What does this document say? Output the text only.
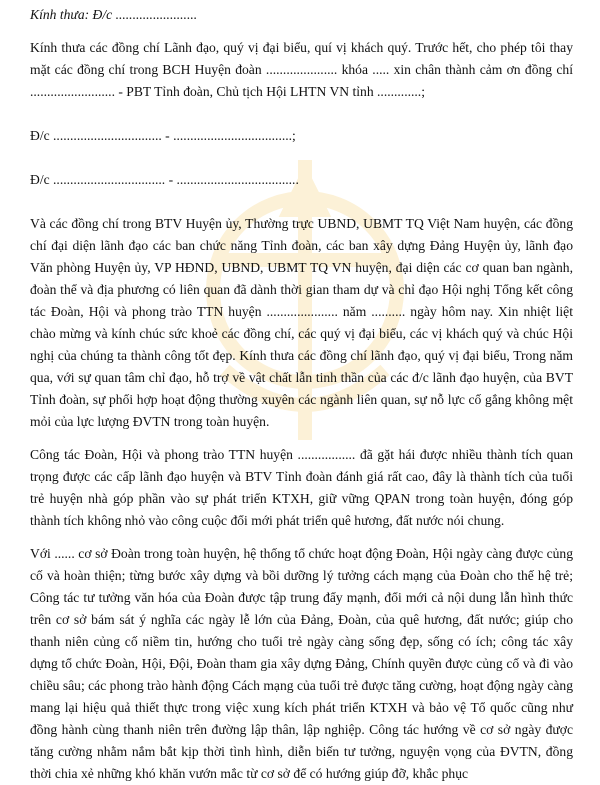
Kính thưa: Đ/c ........................

Kính thưa các đồng chí Lãnh đạo, quý vị đại biểu, quí vị khách quý. Trước hết, cho phép tôi thay mặt các đồng chí trong BCH Huyện đoàn ..................... khóa ..... xin chân thành cảm ơn đồng chí ......................... - PBT Tỉnh đoàn, Chủ tịch Hội LHTN VN tỉnh .............;

Đ/c ................................ - ...................................;

Đ/c ................................. - ....................................

Và các đồng chí trong BTV Huyện ủy, Thường trực UBND, UBMT TQ Việt Nam huyện, các đồng chí đại diện lãnh đạo các ban chức năng Tỉnh đoàn, các ban xây dựng Đảng Huyện ủy, lãnh đạo Văn phòng Huyện ủy, VP HĐND, UBND, UBMT TQ VN huyện, đại diện các cơ quan ban ngành, đoàn thể và địa phương có liên quan đã dành thời gian tham dự và chỉ đạo Hội nghị Tổng kết công tác Đoàn, Hội và phong trào TTN huyện ..................... năm .......... ngày hôm nay. Xin nhiệt liệt chào mừng và kính chúc sức khoẻ các đồng chí, các quý vị đại biểu, các vị khách quý và chúc Hội nghị của chúng ta thành công tốt đẹp. Kính thưa các đồng chí lãnh đạo, quý vị đại biểu, Trong năm qua, với sự quan tâm chỉ đạo, hỗ trợ về vật chất lẫn tinh thần của các đ/c lãnh đạo huyện, của BVT Tỉnh đoàn, sự phối hợp hoạt động thường xuyên các ngành liên quan, sự nỗ lực cố gắng không mệt mỏi của lực lượng ĐVTN trong toàn huyện.

Công tác Đoàn, Hội và phong trào TTN huyện ................. đã gặt hái được nhiều thành tích quan trọng được các cấp lãnh đạo huyện và BTV Tỉnh đoàn đánh giá rất cao, đây là thành tích của tuổi trẻ huyện nhà góp phần vào sự phát triển KTXH, giữ vững QPAN trong toàn huyện, đóng góp thành tích không nhỏ vào công cuộc đổi mới phát triển quê hương, đất nước nói chung.

Với ...... cơ sở Đoàn trong toàn huyện, hệ thống tổ chức hoạt động Đoàn, Hội ngày càng được củng cố và hoàn thiện; từng bước xây dựng và bồi dưỡng lý tưởng cách mạng của Đoàn cho thế hệ trẻ; Công tác tư tưởng văn hóa của Đoàn được tập trung đẩy mạnh, đổi mới cả nội dung lẫn hình thức trên cơ sở bám sát ý nghĩa các ngày lễ lớn của Đảng, Đoàn, của quê hương, đất nước; giúp cho thanh niên củng cố niềm tin, hướng cho tuổi trẻ ngày càng sống đẹp, sống có ích; công tác xây dựng tổ chức Đoàn, Hội, Đội, Đoàn tham gia xây dựng Đảng, Chính quyền được củng cố và đi vào chiều sâu; các phong trào hành động Cách mạng của tuổi trẻ được tăng cường, hoạt động ngày càng mang lại hiệu quả thiết thực trong việc xung kích phát triển KTXH và bảo vệ Tổ quốc cũng như đồng hành cùng thanh niên trên đường lập thân, lập nghiệp. Công tác hướng về cơ sở ngày được tăng cường nhằm nắm bắt kịp thời tình hình, diễn biến tư tưởng, nguyện vọng của ĐVTN, đồng thời chia xẻ những khó khăn vướn mắc từ cơ sở để có hướng giúp đỡ, khắc phục
